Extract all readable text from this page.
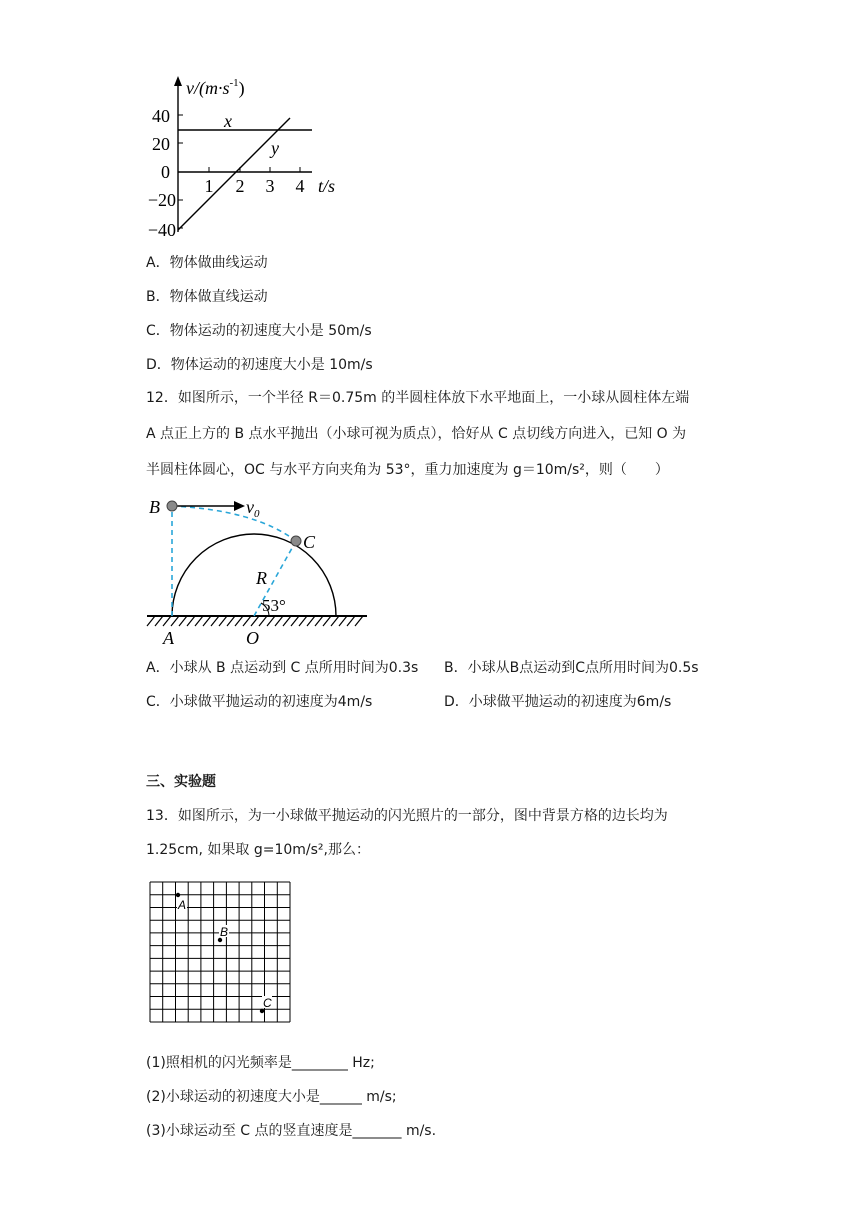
$v/(m\cdot s^{-1})$
40
20
0
−20
−40
1 2 3 4 t/s
x
y
A．物体做曲线运动
B．物体做直线运动
C．物体运动的初速度大小是 50m/s
D．物体运动的初速度大小是 10m/s
12．如图所示，一个半径 R＝0.75m 的半圆柱体放下水平地面上，一小球从圆柱体左端
A 点正上方的 B 点水平抛出（小球可视为质点），恰好从 C 点切线方向进入，已知 O 为
半圆柱体圆心，OC 与水平方向夹角为 53°，重力加速度为 g＝10m/s²，则（　　）
B	$v_0$
C
R
53°
A	O
A．小球从 B 点运动到 C 点所用时间为0.3s B．小球从B点运动到C点所用时间为0.5s
C．小球做平抛运动的初速度为4m/s	D．小球做平抛运动的初速度为6m/s
三、实验题
13．如图所示，为一小球做平抛运动的闪光照片的一部分，图中背景方格的边长均为
1.25cm, 如果取 g=10m/s²,那么：
A
B
C
(1)照相机的闪光频率是________ Hz;
(2)小球运动的初速度大小是______ m/s;
(3)小球运动至 C 点的竖直速度是_______ m/s.
